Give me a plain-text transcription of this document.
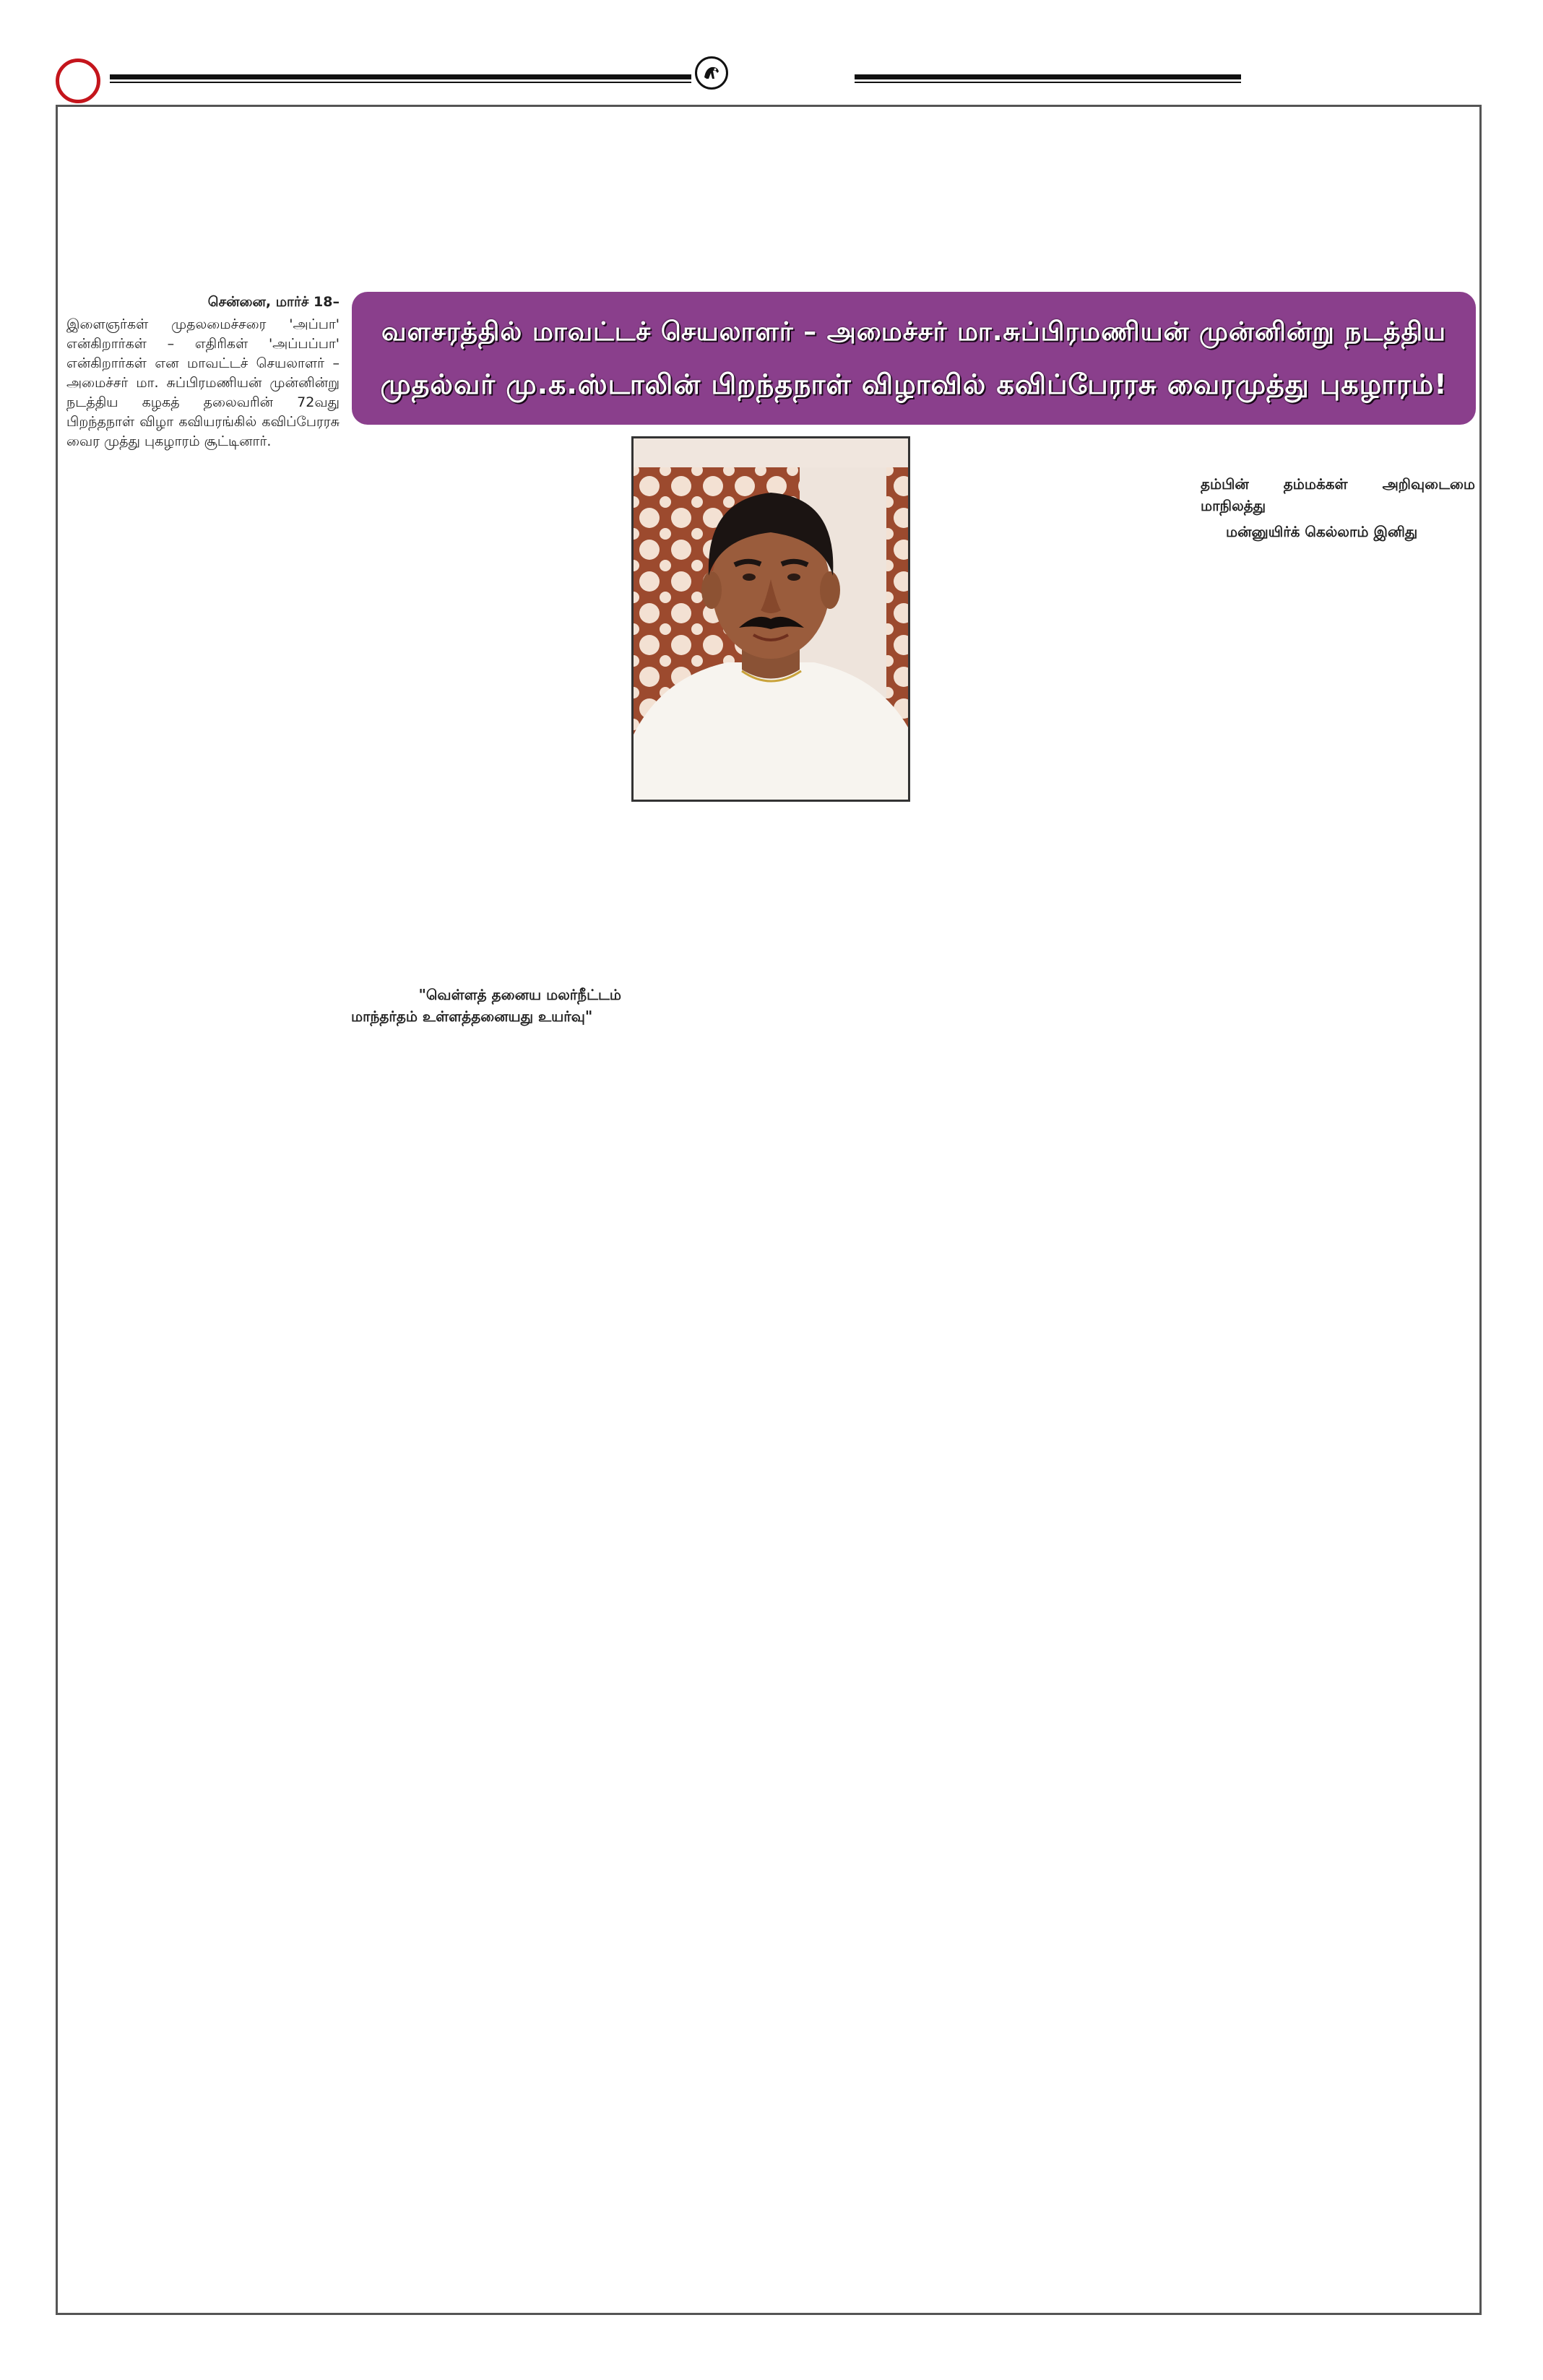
சென்னை, மார்ச் 18–

இளைஞர்கள் முதலமைச்சரை 'அப்பா' என்கிறார்கள் – எதிரிகள் 'அப்பப்பா' என்கிறார்கள் என மாவட்டச் செயலாளர் – அமைச்சர் மா. சுப்பிரமணியன் முன்னின்று நடத்திய கழகத் தலைவரின் 72வது பிறந்தநாள் விழா கவியரங்கில் கவிப்பேரரசு வைர முத்து புகழாரம் சூட்டினார்.

வளசரத்தில் மாவட்டச் செயலாளர் – அமைச்சர் மா.சுப்பிரமணியன் முன்னின்று நடத்திய
முதல்வர் மு.க.ஸ்டாலின் பிறந்தநாள் விழாவில் கவிப்பேரரசு வைரமுத்து புகழாரம்!
தம்பின் தம்மக்கள் அறிவுடைமை
மாநிலத்து
மன்னுயிர்க் கெல்லாம் இனிது
"வெள்ளத் தனைய மலர்நீட்டம்
மாந்தர்தம் உள்ளத்தனையது உயர்வு"
